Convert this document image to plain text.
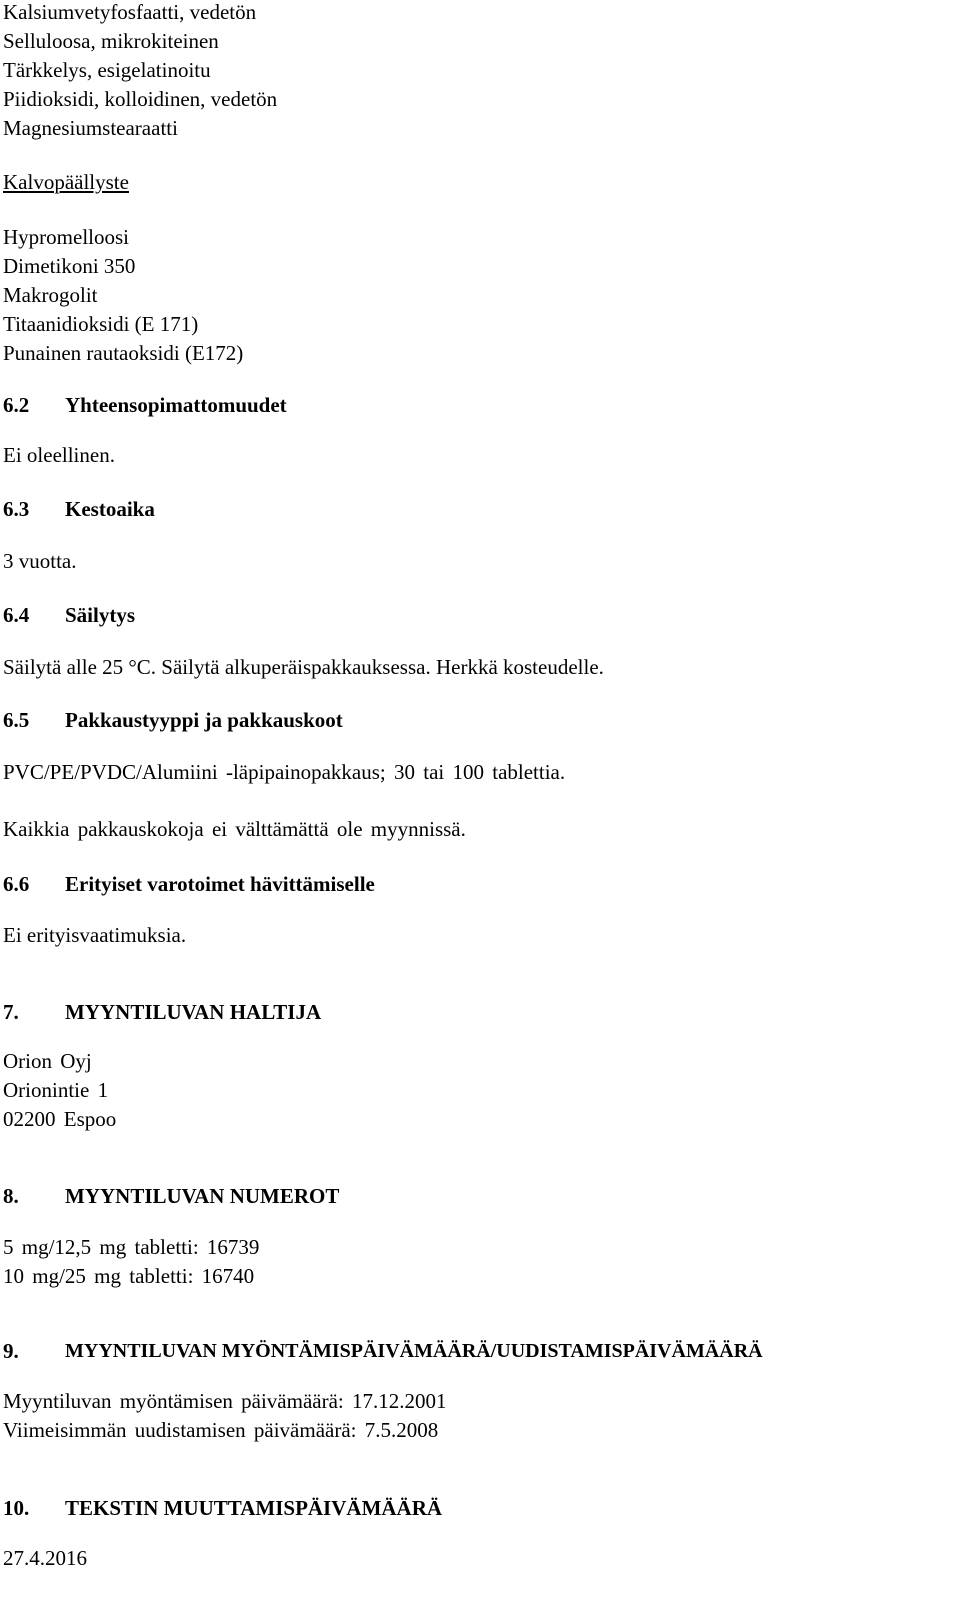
Kalsiumvetyfosfaatti, vedetön
Selluloosa, mikrokiteinen
Tärkkelys, esigelatinoitu
Piidioksidi, kolloidinen, vedetön
Magnesiumstearaatti
Kalvopäällyste
Hypromelloosi
Dimetikoni 350
Makrogolit
Titaanidioksidi (E 171)
Punainen rautaoksidi (E172)
6.2	Yhteensopimattomuudet
Ei oleellinen.
6.3	Kestoaika
3 vuotta.
6.4	Säilytys
Säilytä alle 25 °C. Säilytä alkuperäispakkauksessa. Herkkä kosteudelle.
6.5	Pakkaustyyppi ja pakkauskoot
PVC/PE/PVDC/Alumiini -läpipainopakkaus; 30 tai 100 tablettia.
Kaikkia pakkauskokoja ei välttämättä ole myynnissä.
6.6	Erityiset varotoimet hävittämiselle
Ei erityisvaatimuksia.
7.	MYYNTILUVAN HALTIJA
Orion Oyj
Orionintie 1
02200 Espoo
8.	MYYNTILUVAN NUMEROT
5 mg/12,5 mg tabletti: 16739
10 mg/25 mg tabletti: 16740
9.	MYYNTILUVAN MYÖNTÄMISPÄIVÄMÄÄRÄ/UUDISTAMISPÄIVÄMÄÄRÄ
Myyntiluvan myöntämisen päivämäärä: 17.12.2001
Viimeisimmän uudistamisen päivämäärä: 7.5.2008
10.	TEKSTIN MUUTTAMISPÄIVÄMÄÄRÄ
27.4.2016
